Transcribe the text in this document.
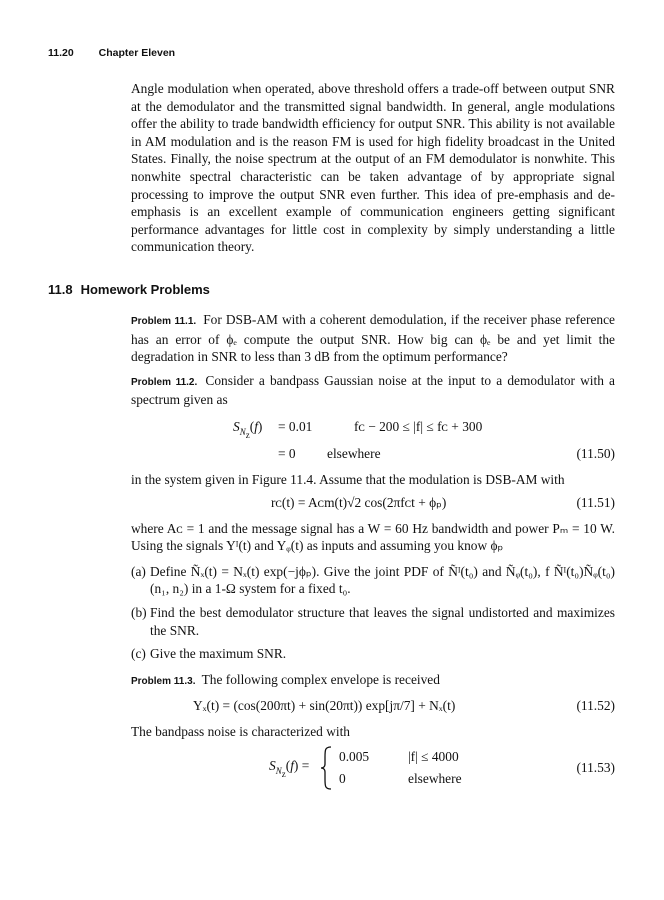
11.20 Chapter Eleven

Angle modulation when operated, above threshold offers a trade-off between output SNR at the demodulator and the transmitted signal bandwidth. In general, angle modulations offer the ability to trade bandwidth efficiency for output SNR. This ability is not available in AM modulation and is the reason FM is used for high fidelity broadcast in the United States. Finally, the noise spectrum at the output of an FM demodulator is nonwhite. This nonwhite spectral characteristic can be taken advantage of by appropriate signal processing to improve the output SNR even further. This idea of pre-emphasis and de-emphasis is an excellent example of communication engineers getting significant performance advantages for little cost in complexity by simply understanding a little communication theory.

11.8 Homework Problems

Problem 11.1. For DSB-AM with a coherent demodulation, if the receiver phase reference has an error of ϕₑ compute the output SNR. How big can ϕₑ be and yet limit the degradation in SNR to less than 3 dB from the optimum performance?

Problem 11.2. Consider a bandpass Gaussian noise at the input to a demodulator with a spectrum given as

$S_{N_z}(f) = 0.01$	fᴄ − 200 ≤ |f| ≤ fᴄ + 300
= 0 elsewhere	(11.50)

in the system given in Figure 11.4. Assume that the modulation is DSB-AM with

rᴄ(t) = Aᴄm(t)√2 cos(2πfᴄt + ϕₚ)	(11.51)

where Aᴄ = 1 and the message signal has a W = 60 Hz bandwidth and power Pₘ = 10 W. Using the signals Yᴵ(t) and Yᵩ(t) as inputs and assuming you know ϕₚ

(a) Define Ñₓ(t) = Nₓ(t) exp(−jϕₚ). Give the joint PDF of Ñᴵ(t₀) and Ñᵩ(t₀), f Ñᴵ(t₀)Ñᵩ(t₀)(n₁, n₂) in a 1-Ω system for a fixed t₀.
(b) Find the best demodulator structure that leaves the signal undistorted and maximizes the SNR.
(c) Give the maximum SNR.

Problem 11.3. The following complex envelope is received

Yₓ(t) = (cos(200πt) + sin(20πt)) exp[jπ/7] + Nₓ(t)	(11.52)

The bandpass noise is characterized with

$S_{N_z}(f)$ =
0.005	|f| ≤ 4000
0	elsewhere
(11.53)
